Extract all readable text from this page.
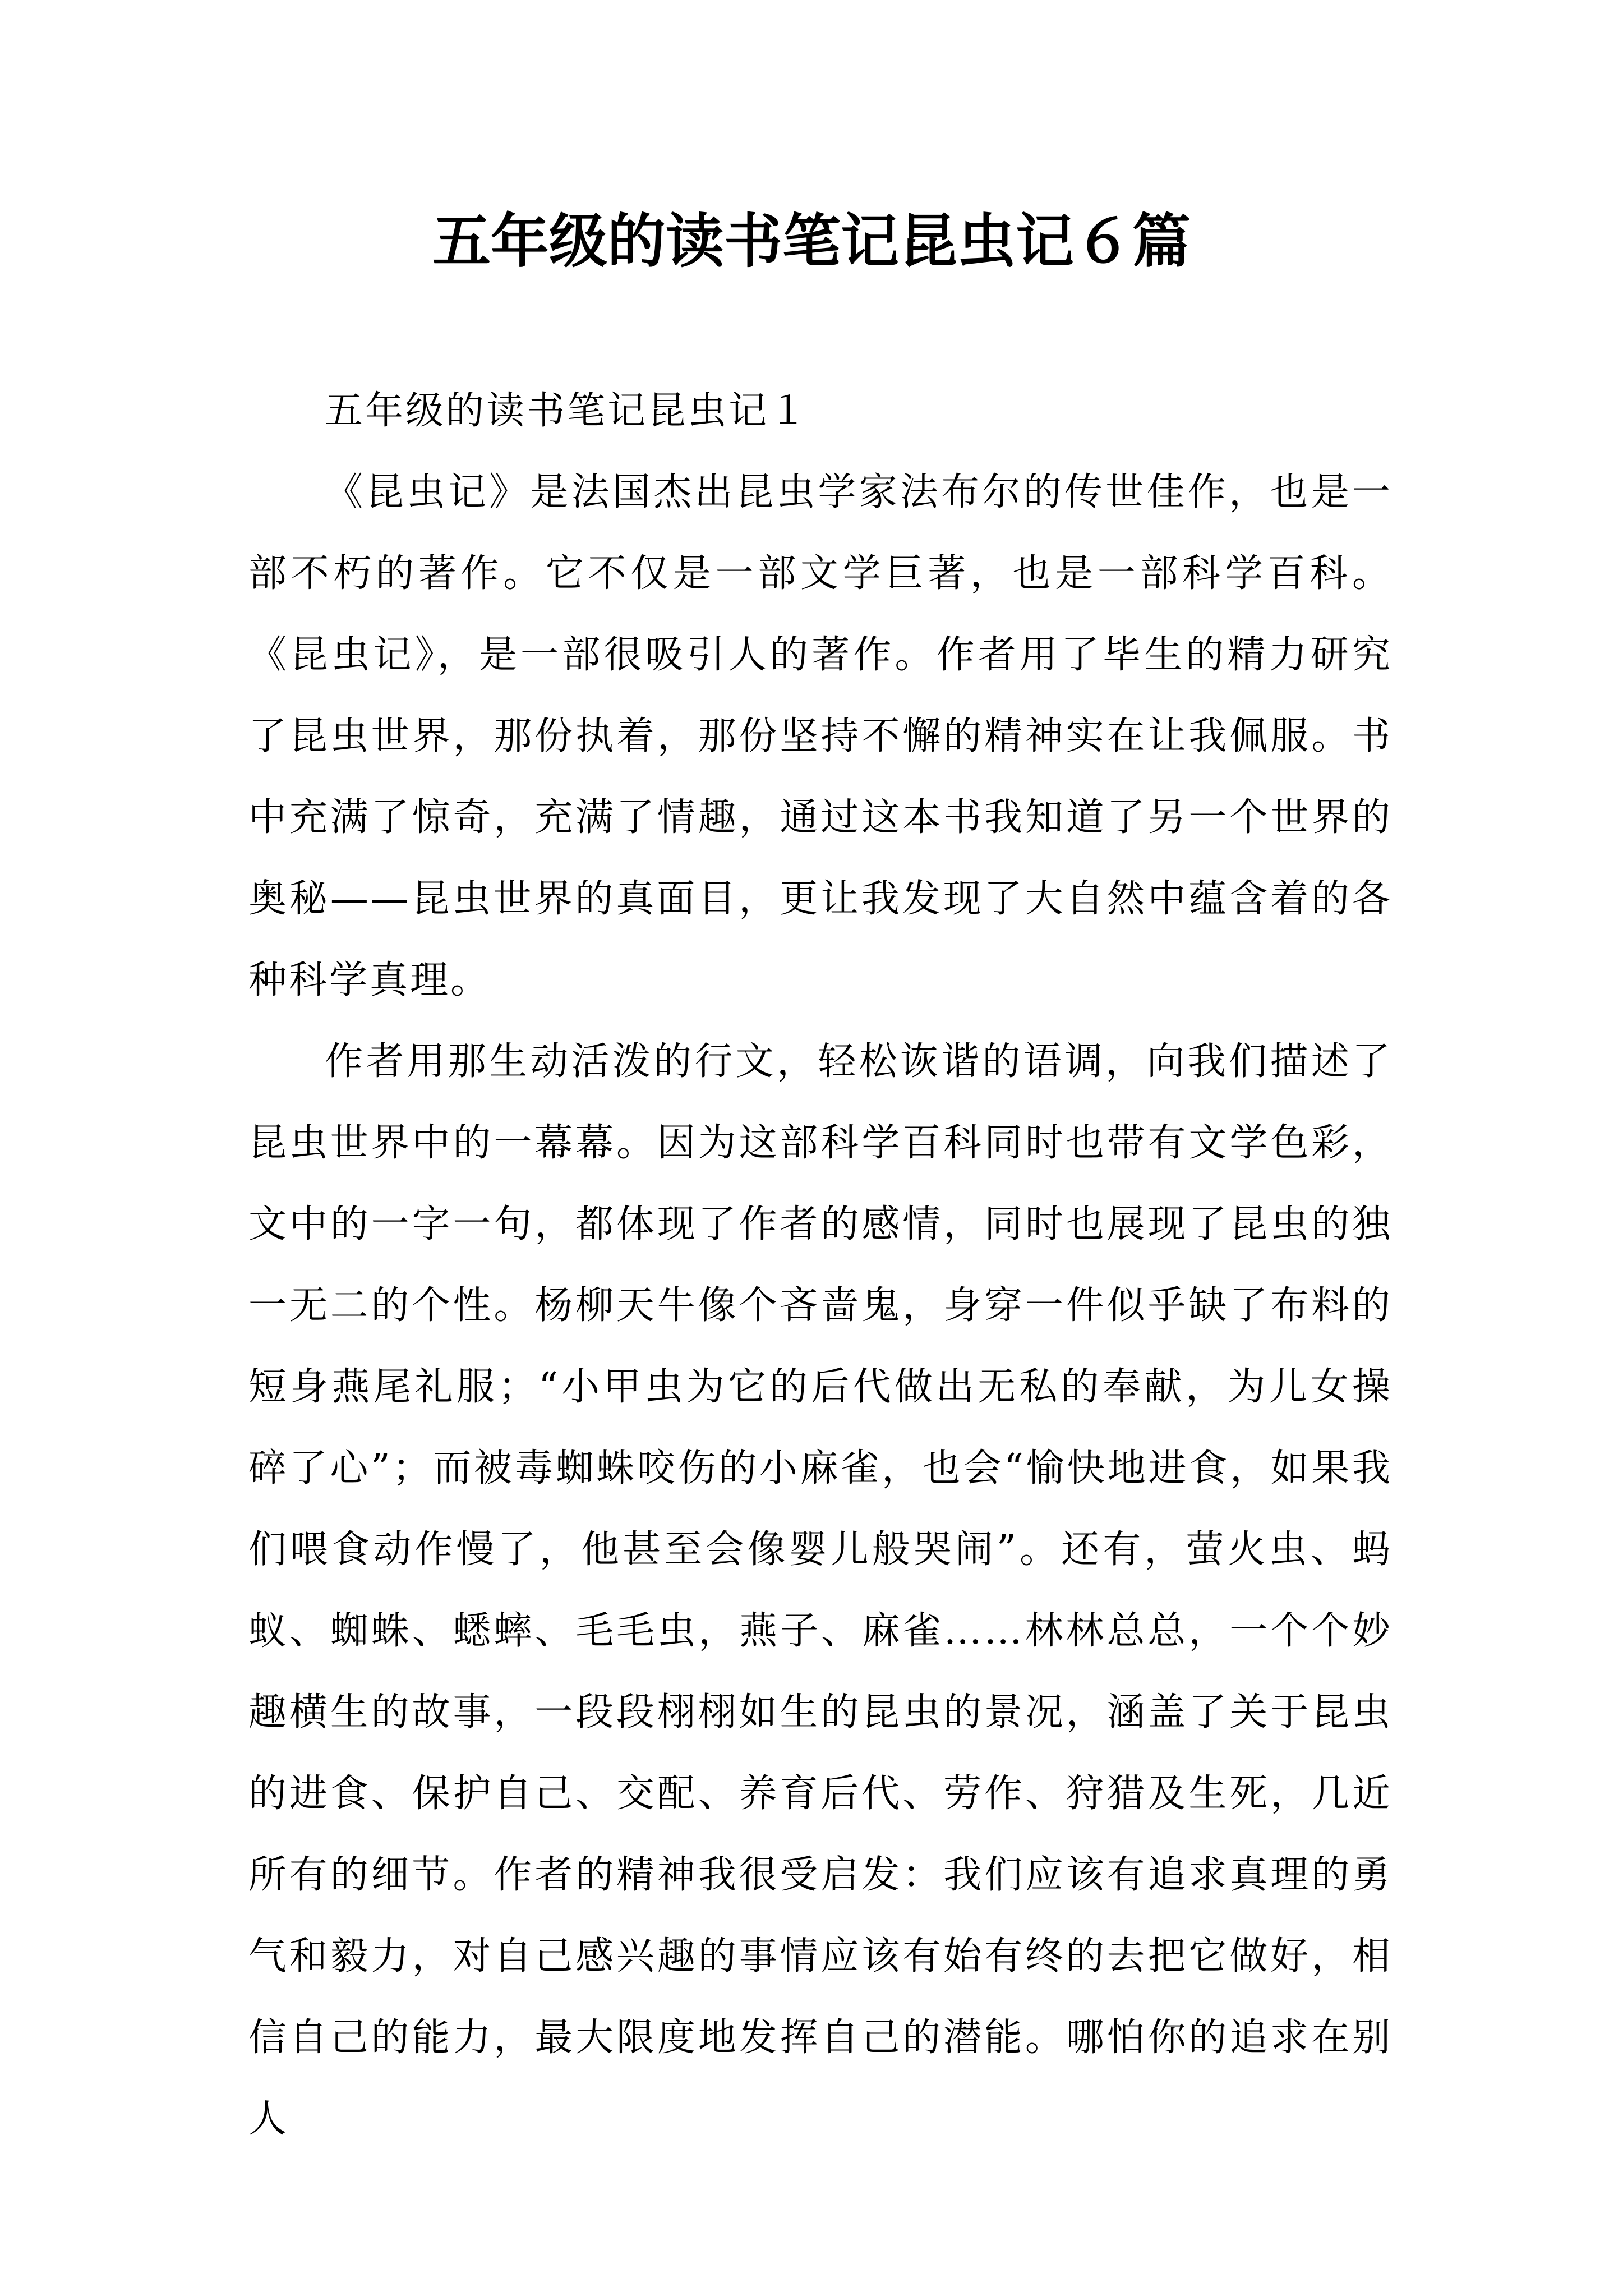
五年级的读书笔记昆虫记６篇

五年级的读书笔记昆虫记１

《昆虫记》是法国杰出昆虫学家法布尔的传世佳作，也是一部不朽的著作。它不仅是一部文学巨著，也是一部科学百科。 《昆虫记》，是一部很吸引人的著作。作者用了毕生的精力研究了昆虫世界，那份执着，那份坚持不懈的精神实在让我佩服。书中充满了惊奇，充满了情趣，通过这本书我知道了另一个世界的奥秘——昆虫世界的真面目，更让我发现了大自然中蕴含着的各种科学真理。

作者用那生动活泼的行文，轻松诙谐的语调，向我们描述了昆虫世界中的一幕幕。因为这部科学百科同时也带有文学色彩，文中的一字一句，都体现了作者的感情，同时也展现了昆虫的独一无二的个性。杨柳天牛像个吝啬鬼，身穿一件似乎缺了布料的短身燕尾礼服；“小甲虫为它的后代做出无私的奉献，为儿女操碎了心”；而被毒蜘蛛咬伤的小麻雀，也会“愉快地进食，如果我们喂食动作慢了，他甚至会像婴儿般哭闹”。还有，萤火虫、蚂蚁、蜘蛛、蟋蟀、毛毛虫，燕子、麻雀……林林总总，一个个妙趣横生的故事，一段段栩栩如生的昆虫的景况，涵盖了关于昆虫的进食、保护自己、交配、养育后代、劳作、狩猎及生死，几近所有的细节。作者的精神我很受启发：我们应该有追求真理的勇气和毅力，对自己感兴趣的事情应该有始有终的去把它做好，相信自己的能力，最大限度地发挥自己的潜能。哪怕你的追求在别人
